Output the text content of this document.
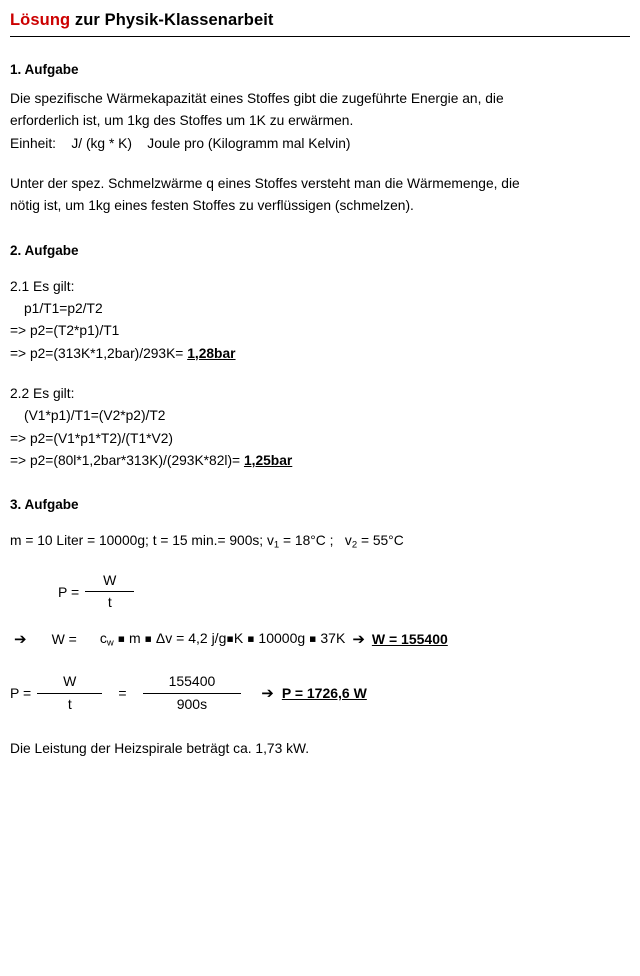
Lösung zur Physik-Klassenarbeit
1. Aufgabe
Die spezifische Wärmekapazität eines Stoffes gibt die zugeführte Energie an, die
erforderlich ist, um 1kg des Stoffes um 1K zu erwärmen.
Einheit: J/ (kg * K) Joule pro (Kilogramm mal Kelvin)
Unter der spez. Schmelzwärme q eines Stoffes versteht man die Wärmemenge, die
nötig ist, um 1kg eines festen Stoffes zu verflüssigen (schmelzen).
2. Aufgabe
2.1 Es gilt:
p1/T1=p2/T2
=> p2=(T2*p1)/T1
=> p2=(313K*1,2bar)/293K= 1,28bar
2.2 Es gilt:
(V1*p1)/T1=(V2*p2)/T2
=> p2=(V1*p1*T2)/(T1*V2)
=> p2=(80l*1,2bar*313K)/(293K*82l)= 1,25bar
3. Aufgabe
m = 10 Liter = 10000g; t = 15 min.= 900s; $v_1 = 18^\circ C$ ; $v_2 = 55^\circ C$
$P = \frac{W}{t}$
➔	W =	$c_w$ ▪ m ▪ Δv = 4,2 j/g▪K ▪ 10000g ▪ 37K ➔ W = 155400
$P = \frac{W}{t}$	=	$\frac{155400}{900s}$	➔ P = 1726,6 W
Die Leistung der Heizspirale beträgt ca. 1,73 kW.
